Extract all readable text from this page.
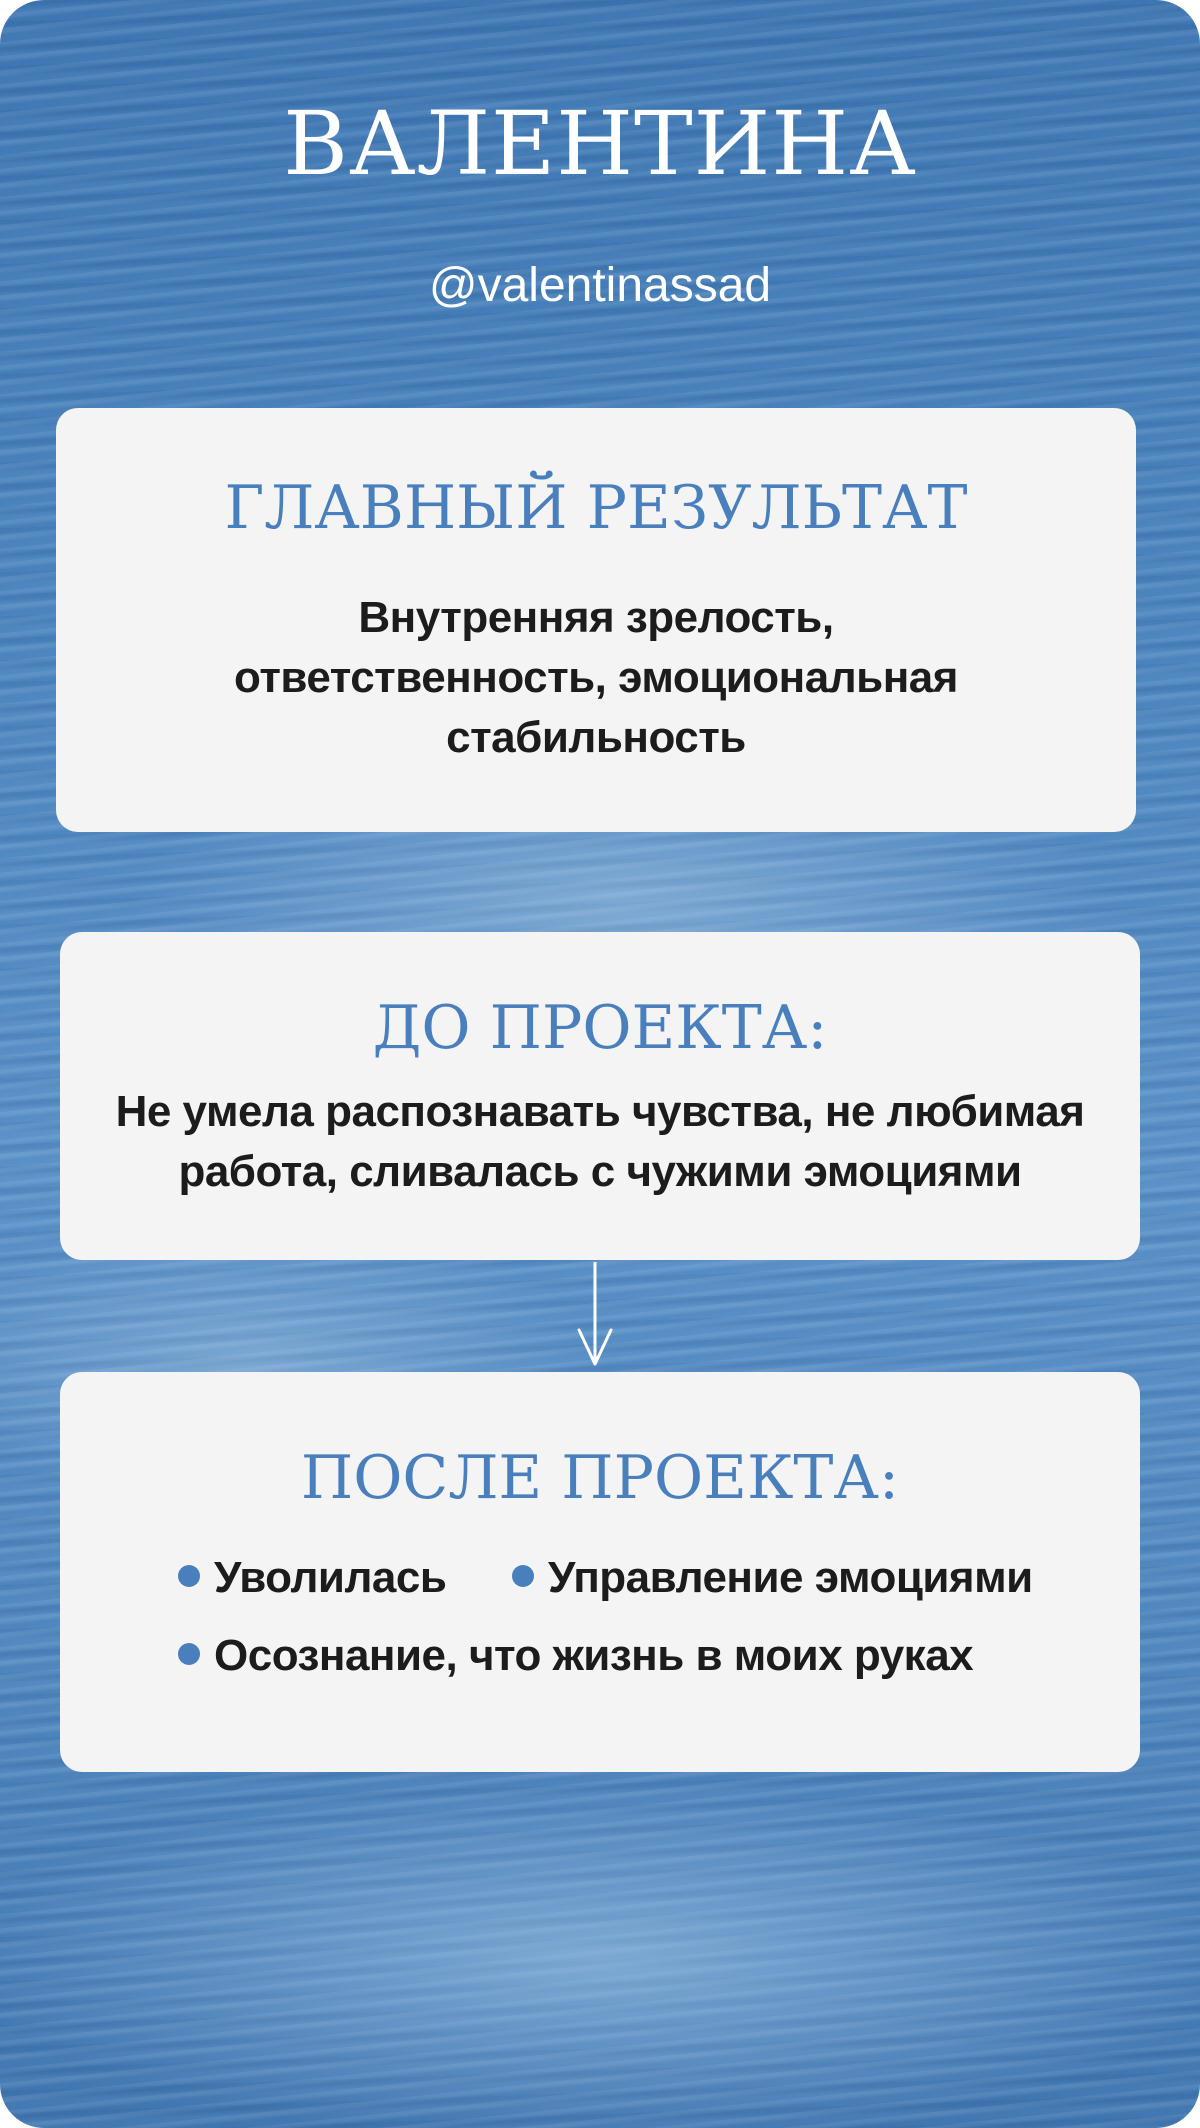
ВАЛЕНТИНА
@valentinassad
ГЛАВНЫЙ РЕЗУЛЬТАТ
Внутренняя зрелость,
ответственность, эмоциональная
стабильность
ДО ПРОЕКТА:
Не умела распознавать чувства, не любимая
работа, сливалась с чужими эмоциями
ПОСЛЕ ПРОЕКТА:
Уволилась	Управление эмоциями
Осознание, что жизнь в моих руках
